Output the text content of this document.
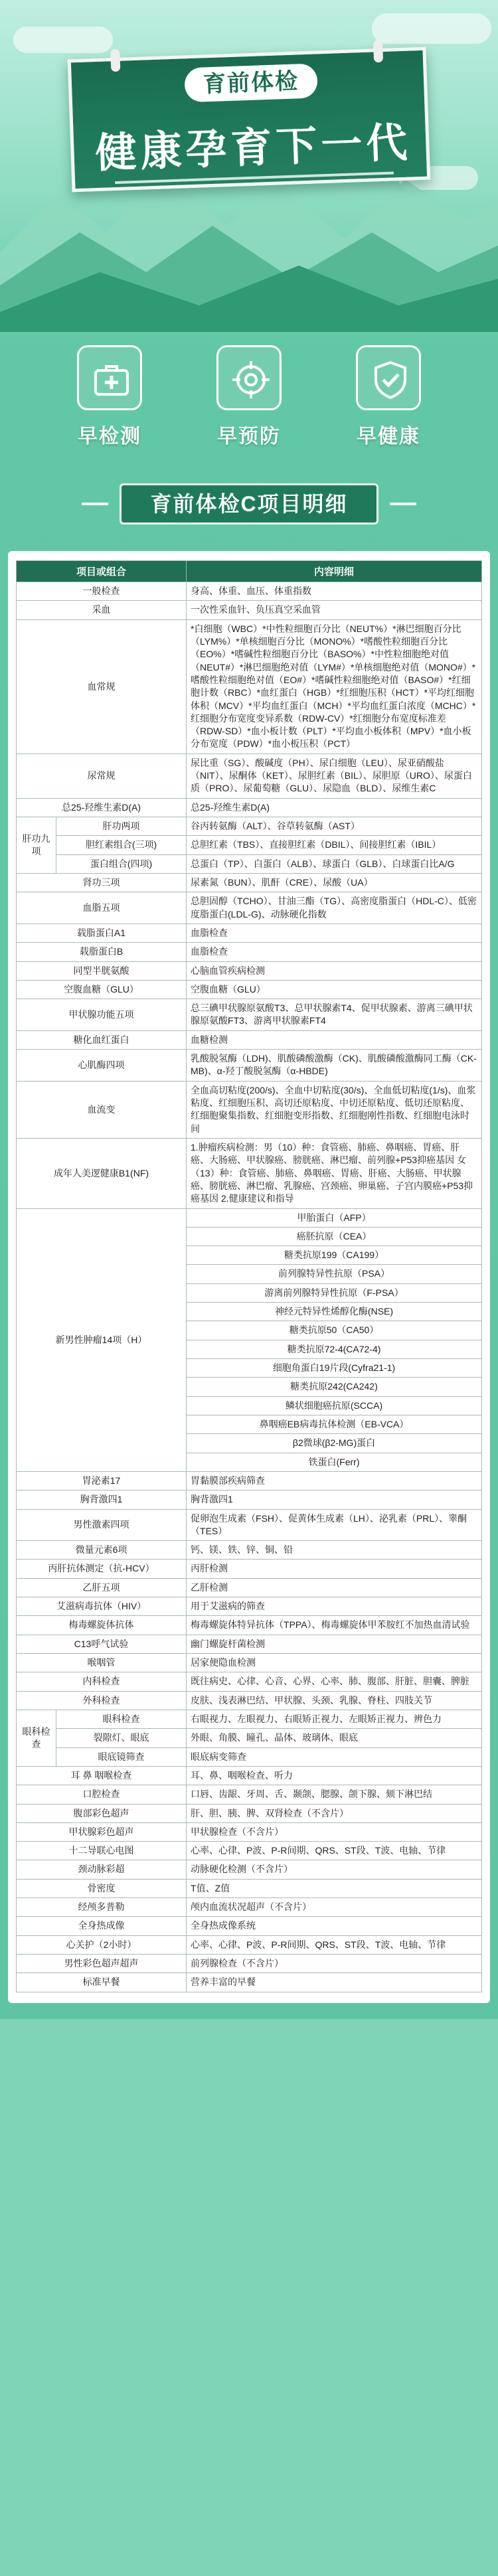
育前体检
健康孕育下一代
早检测	早预防	早健康
育前体检C项目明细
项目或组合		内容明细
一般检查		身高、体重、血压、体重指数
采血		一次性采血针、负压真空采血管
血常规		*白细胞（WBC）*中性粒细胞百分比（NEUT%）*淋巴细胞百分比（LYM%）*单核细胞百分比（MONO%）*嗜酸性粒细胞百分比（EO%）*嗜碱性粒细胞百分比（BASO%）*中性粒细胞绝对值（NEUT#）*淋巴细胞绝对值（LYM#）*单核细胞绝对值（MONO#）*嗜酸性粒细胞绝对值（EO#）*嗜碱性粒细胞绝对值（BASO#）*红细胞计数（RBC）*血红蛋白（HGB）*红细胞压积（HCT）*平均红细胞体积（MCV）*平均血红蛋白（MCH）*平均血红蛋白浓度（MCHC）*红细胞分布宽度变异系数（RDW-CV）*红细胞分布宽度标准差（RDW-SD）*血小板计数（PLT）*平均血小板体积（MPV）*血小板分布宽度（PDW）*血小板压积（PCT）
尿常规		尿比重（SG）、酸碱度（PH）、尿白细胞（LEU）、尿亚硝酸盐（NIT）、尿酮体（KET）、尿胆红素（BIL）、尿胆原（URO）、尿蛋白质（PRO）、尿葡萄糖（GLU）、尿隐血（BLD）、尿维生素C
总25-羟维生素D(A)		总25-羟维生素D(A)
肝功九项	肝功两项	谷丙转氨酶（ALT）、谷草转氨酶（AST）
	胆红素组合(三项)	总胆红素（TBS）、直接胆红素（DBIL）、间接胆红素（IBIL）
	蛋白组合(四项)	总蛋白（TP）、白蛋白（ALB）、球蛋白（GLB）、白球蛋白比A/G
肾功三项		尿素氮（BUN）、肌酐（CRE）、尿酸（UA）
血脂五项		总胆固醇（TCHO）、甘油三酯（TG）、高密度脂蛋白（HDL-C）、低密度脂蛋白(LDL-G)、动脉硬化指数
载脂蛋白A1		血脂检查
载脂蛋白B		血脂检查
同型半胱氨酸		心脑血管疾病检测
空腹血糖（GLU）		空腹血糖（GLU）
甲状腺功能五项		总三碘甲状腺原氨酸T3、总甲状腺素T4、促甲状腺素、游离三碘甲状腺原氨酸FT3、游离甲状腺素FT4
糖化血红蛋白		血糖检测
心肌酶四项		乳酸脱氢酶（LDH)、肌酸磷酸激酶（CK)、肌酸磷酸激酶同工酶（CK-MB)、α-羟丁酸脱氢酶（α-HBDE)
血流变		全血高切粘度(200/s)、全血中切粘度(30/s)、全血低切粘度(1/s)、血浆粘度、红细胞压积、高切还原粘度、中切还原粘度、低切还原粘度、红细胞聚集指数、红细胞变形指数、红细胞刚性指数、红细胞电泳时间
成年人美逻健康B1(NF)		1.肿瘤疾病检测：男（10）种：食管癌、肺癌、鼻咽癌、胃癌、肝癌、大肠癌、甲状腺癌、膀胱癌、淋巴瘤、前列腺+P53抑癌基因 女（13）种：食管癌、肺癌、鼻咽癌、胃癌、肝癌、大肠癌、甲状腺癌、膀胱癌、淋巴瘤、乳腺癌、宫颈癌、卵巢癌、子宫内膜癌+P53抑癌基因 2.健康建议和指导
新男性肿瘤14项（H）		甲胎蛋白（AFP）
		癌胚抗原（CEA）
		糖类抗原199（CA199）
		前列腺特异性抗原（PSA）
		游离前列腺特异性抗原（F-PSA）
		神经元特异性烯醇化酶(NSE)
		糖类抗原50（CA50）
		糖类抗原72-4(CA72-4)
		细胞角蛋白19片段(Cyfra21-1)
		糖类抗原242(CA242)
		鳞状细胞癌抗原(SCCA)
		鼻咽癌EB病毒抗体检测（EB-VCA）
		β2微球(β2-MG)蛋白
		铁蛋白(Ferr)
胃泌素17		胃黏膜部疾病筛查
胸背激四1		胸背激四1
男性激素四项		促卵泡生成素（FSH）、促黄体生成素（LH）、泌乳素（PRL）、睾酮（TES）
微量元素6项		钙、镁、铁、锌、铜、铅
丙肝抗体测定（抗-HCV）		丙肝检测
乙肝五项		乙肝检测
艾滋病毒抗体（HIV）		用于艾滋病的筛查
梅毒螺旋体抗体		梅毒螺旋体特异抗体（TPPA）、梅毒螺旋体甲苯胺红不加热血清试验
C13呼气试验		幽门螺旋杆菌检测
喉咽管		居家便隐血检测
内科检查		既往病史、心律、心音、心界、心率、肺、腹部、肝脏、胆囊、脾脏
外科检查		皮肤、浅表淋巴结、甲状腺、头颈、乳腺、脊柱、四肢关节
眼科检查	眼科检查	右眼视力、左眼视力、右眼矫正视力、左眼矫正视力、辨色力
	裂隙灯、眼底	外眼、角膜、瞳孔、晶体、玻璃体、眼底
	眼底镜筛查	眼底病变筛查
耳 鼻 咽喉检查		耳、鼻、咽喉检查、听力
口腔检查		口唇、齿龈、牙周、舌、颞颌、腮腺、颌下腺、颏下淋巴结
腹部彩色超声		肝、胆、胰、脾、双肾检查（不含片）
甲状腺彩色超声		甲状腺检查（不含片）
十二导联心电图		心率、心律、P波、P-R间期、QRS、ST段、T波、电轴、节律
颈动脉彩超		动脉硬化检测（不含片）
骨密度		T值、Z值
经颅多普勒		颅内血流状况超声（不含片）
全身热成像		全身热成像系统
心关护（2小时）		心率、心律、P波、P-R间期、QRS、ST段、T波、电轴、节律
男性彩色超声超声		前列腺检查（不含片）
标准早餐		营养丰富的早餐
